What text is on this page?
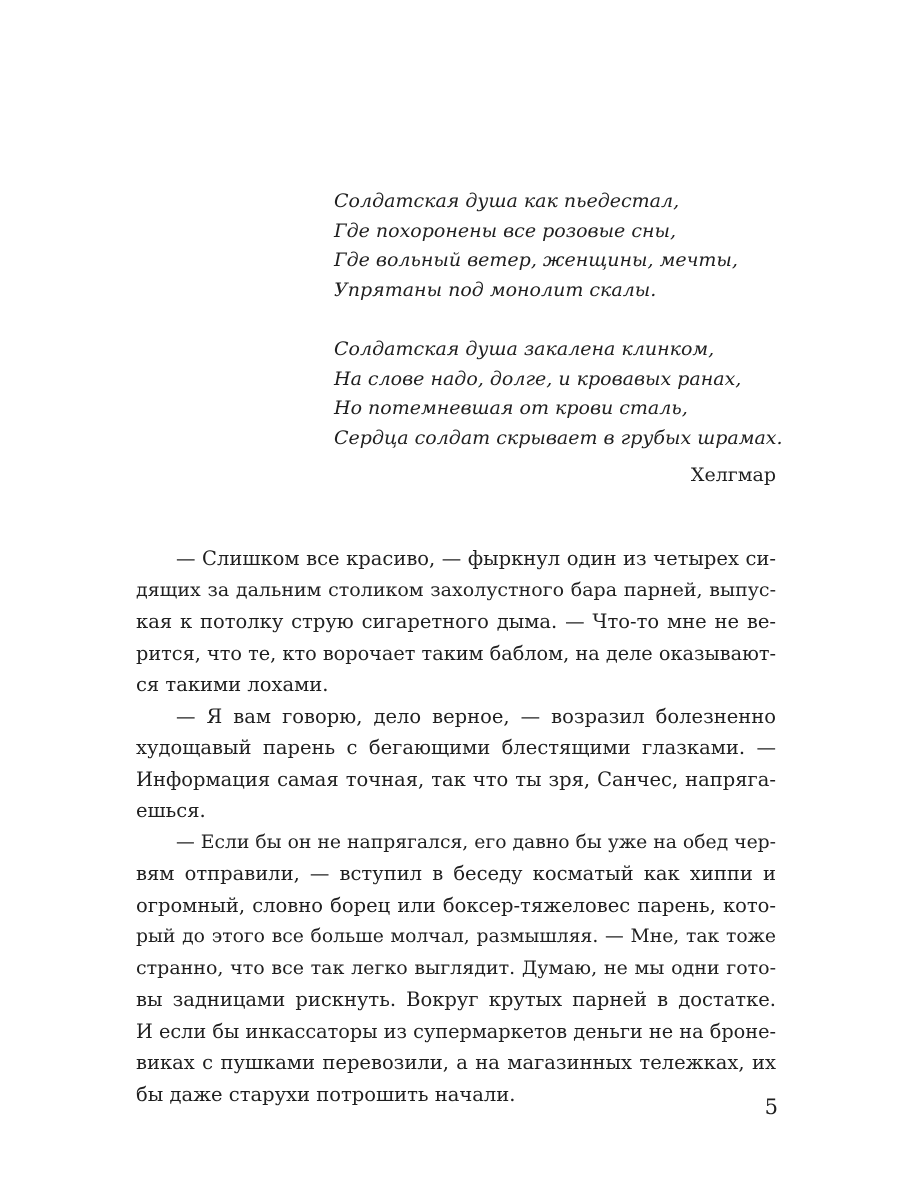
Солдатская душа как пьедестал,
Где похоронены все розовые сны,
Где вольный ветер, женщины, мечты,
Упрятаны под монолит скалы.
Солдатская душа закалена клинком,
На слове надо, долге, и кровавых ранах,
Но потемневшая от крови сталь,
Сердца солдат скрывает в грубых шрамах.
Хелгмар
— Слишком все красиво, — фыркнул один из четырех си-
дящих за дальним столиком захолустного бара парней, выпус-
кая к потолку струю сигаретного дыма. — Что-то мне не ве-
рится, что те, кто ворочает таким баблом, на деле оказывают-
ся такими лохами.
— Я вам говорю, дело верное, — возразил болезненно
худощавый парень с бегающими блестящими глазками. —
Информация самая точная, так что ты зря, Санчес, напряга-
ешься.
— Если бы он не напрягался, его давно бы уже на обед чер-
вям отправили, — вступил в беседу косматый как хиппи и
огромный, словно борец или боксер-тяжеловес парень, кото-
рый до этого все больше молчал, размышляя. — Мне, так тоже
странно, что все так легко выглядит. Думаю, не мы одни гото-
вы задницами рискнуть. Вокруг крутых парней в достатке.
И если бы инкассаторы из супермаркетов деньги не на броне-
виках с пушками перевозили, а на магазинных тележках, их
бы даже старухи потрошить начали.
5
